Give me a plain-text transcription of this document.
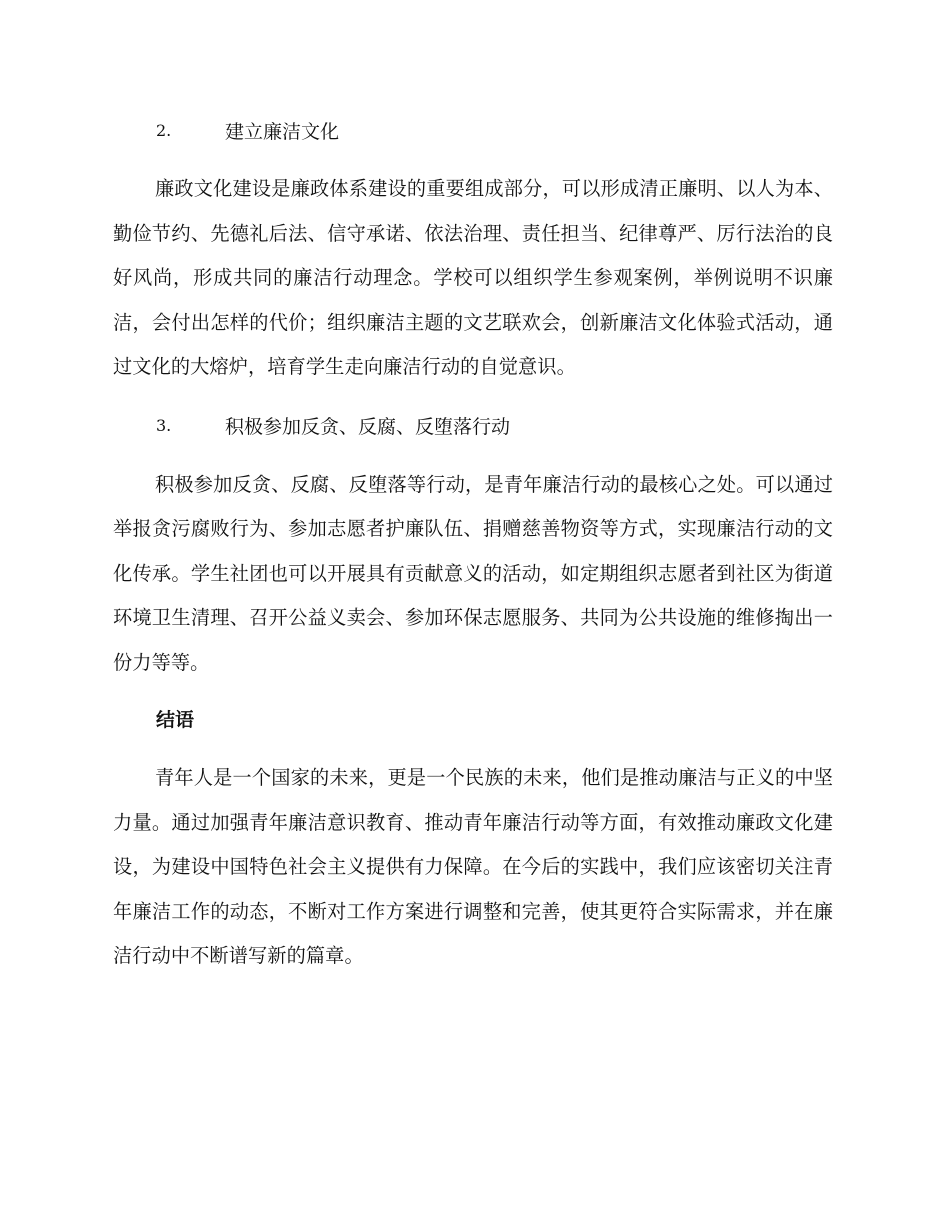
2.	建立廉洁文化

廉政文化建设是廉政体系建设的重要组成部分，可以形成清正廉明、以人为本、勤俭节约、先德礼后法、信守承诺、依法治理、责任担当、纪律尊严、厉行法治的良好风尚，形成共同的廉洁行动理念。学校可以组织学生参观案例，举例说明不识廉洁，会付出怎样的代价；组织廉洁主题的文艺联欢会，创新廉洁文化体验式活动，通过文化的大熔炉，培育学生走向廉洁行动的自觉意识。

3.	积极参加反贪、反腐、反堕落行动

积极参加反贪、反腐、反堕落等行动，是青年廉洁行动的最核心之处。可以通过举报贪污腐败行为、参加志愿者护廉队伍、捐赠慈善物资等方式，实现廉洁行动的文化传承。学生社团也可以开展具有贡献意义的活动，如定期组织志愿者到社区为街道环境卫生清理、召开公益义卖会、参加环保志愿服务、共同为公共设施的维修掏出一份力等等。

结语

青年人是一个国家的未来，更是一个民族的未来，他们是推动廉洁与正义的中坚力量。通过加强青年廉洁意识教育、推动青年廉洁行动等方面，有效推动廉政文化建设，为建设中国特色社会主义提供有力保障。在今后的实践中，我们应该密切关注青年廉洁工作的动态，不断对工作方案进行调整和完善，使其更符合实际需求，并在廉洁行动中不断谱写新的篇章。
